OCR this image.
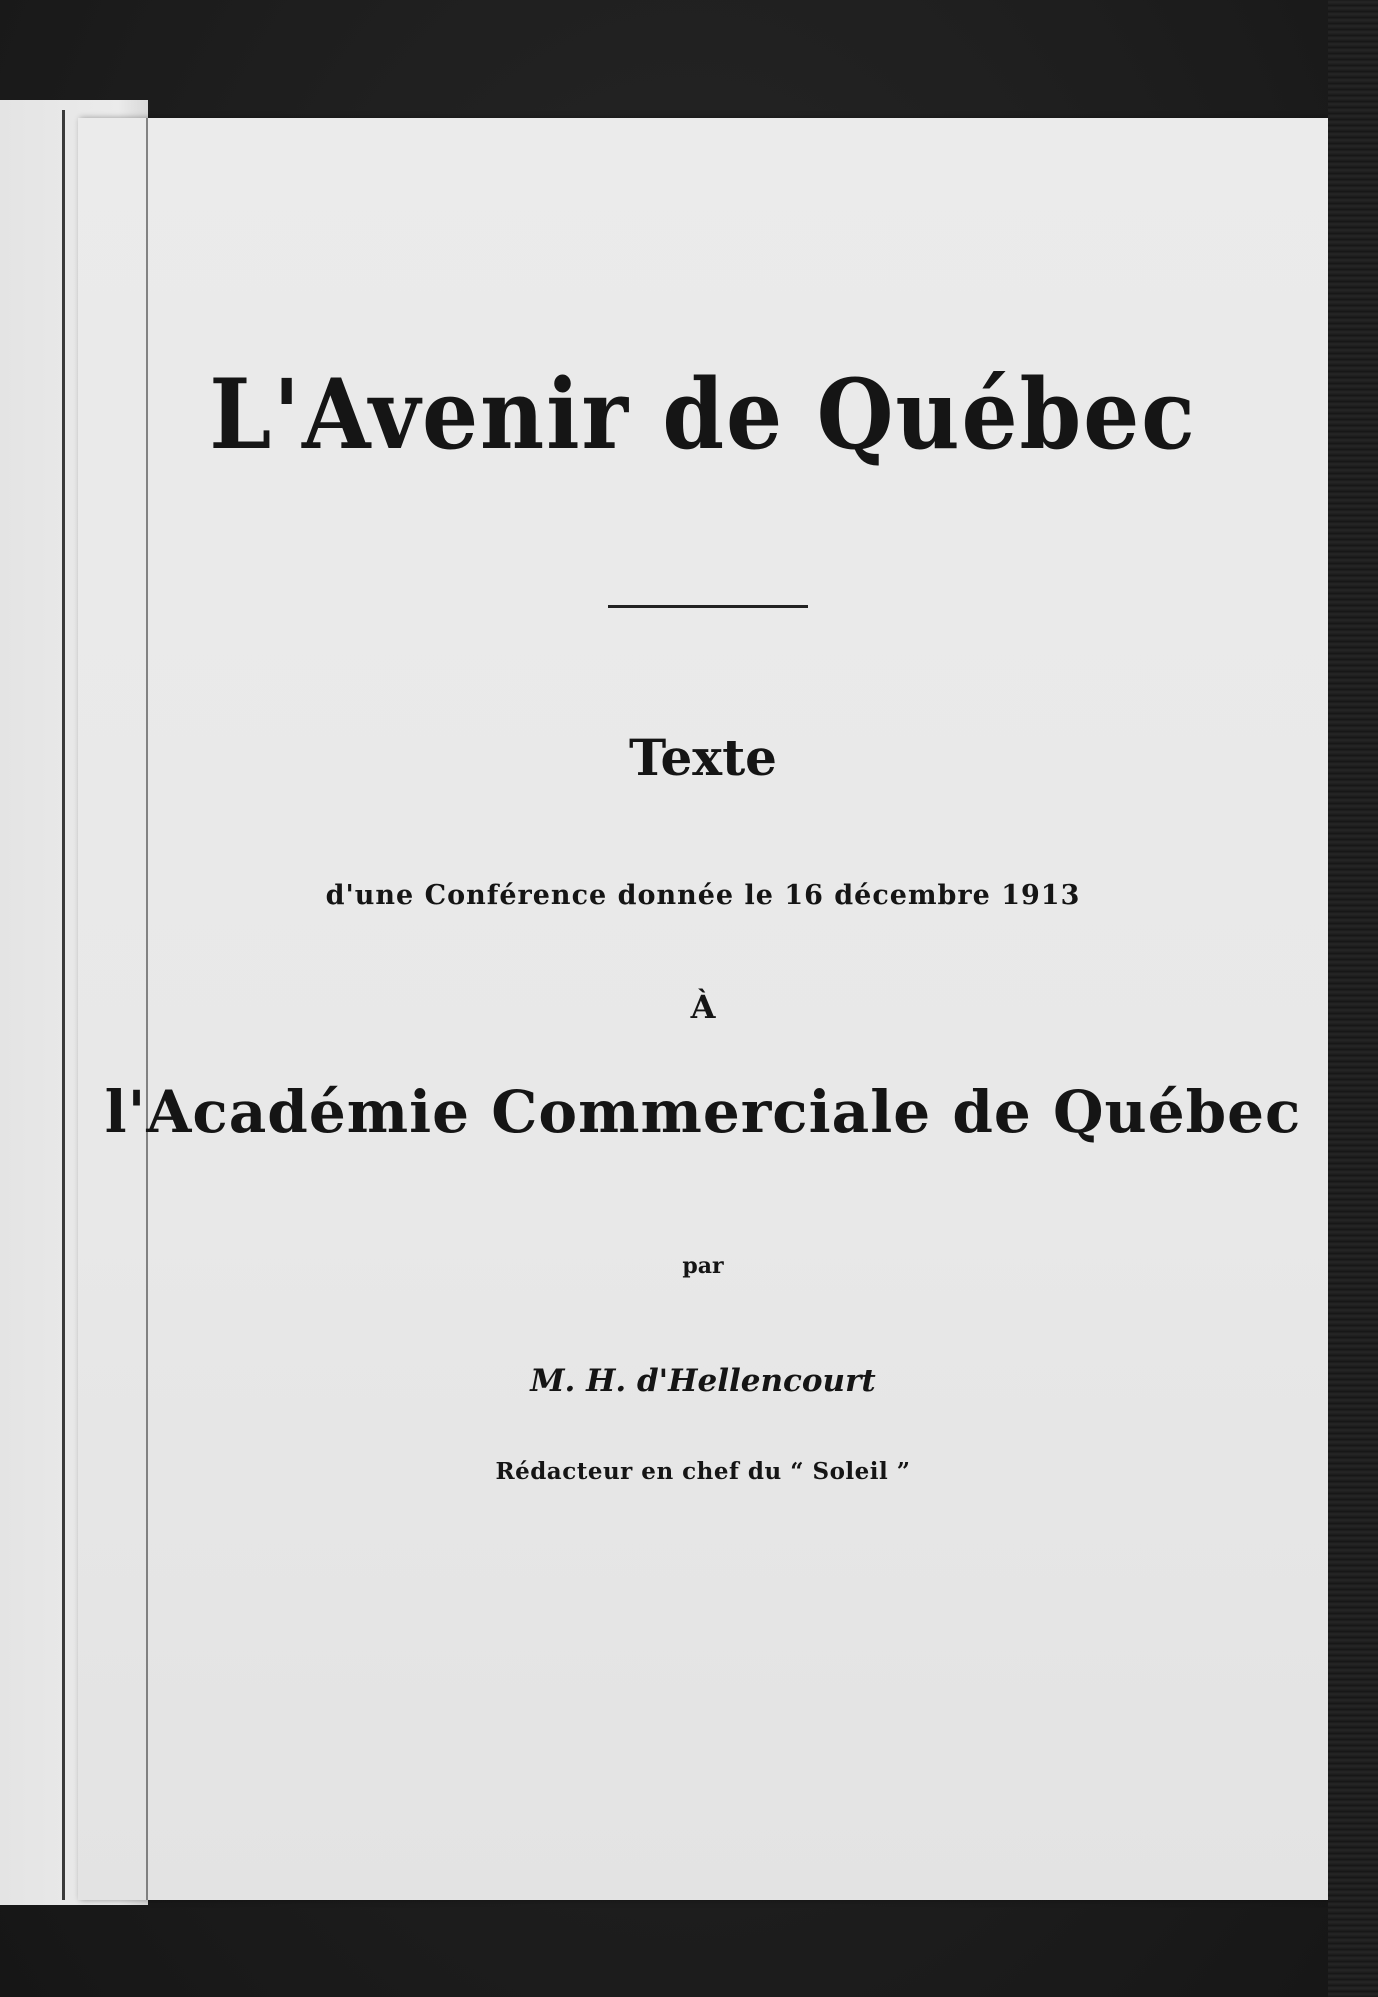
L'Avenir de Québec
Texte
d'une Conférence donnée le 16 décembre 1913
À
l'Académie Commerciale de Québec
par
M. H. d'Hellencourt
Rédacteur en chef du “ Soleil ”
